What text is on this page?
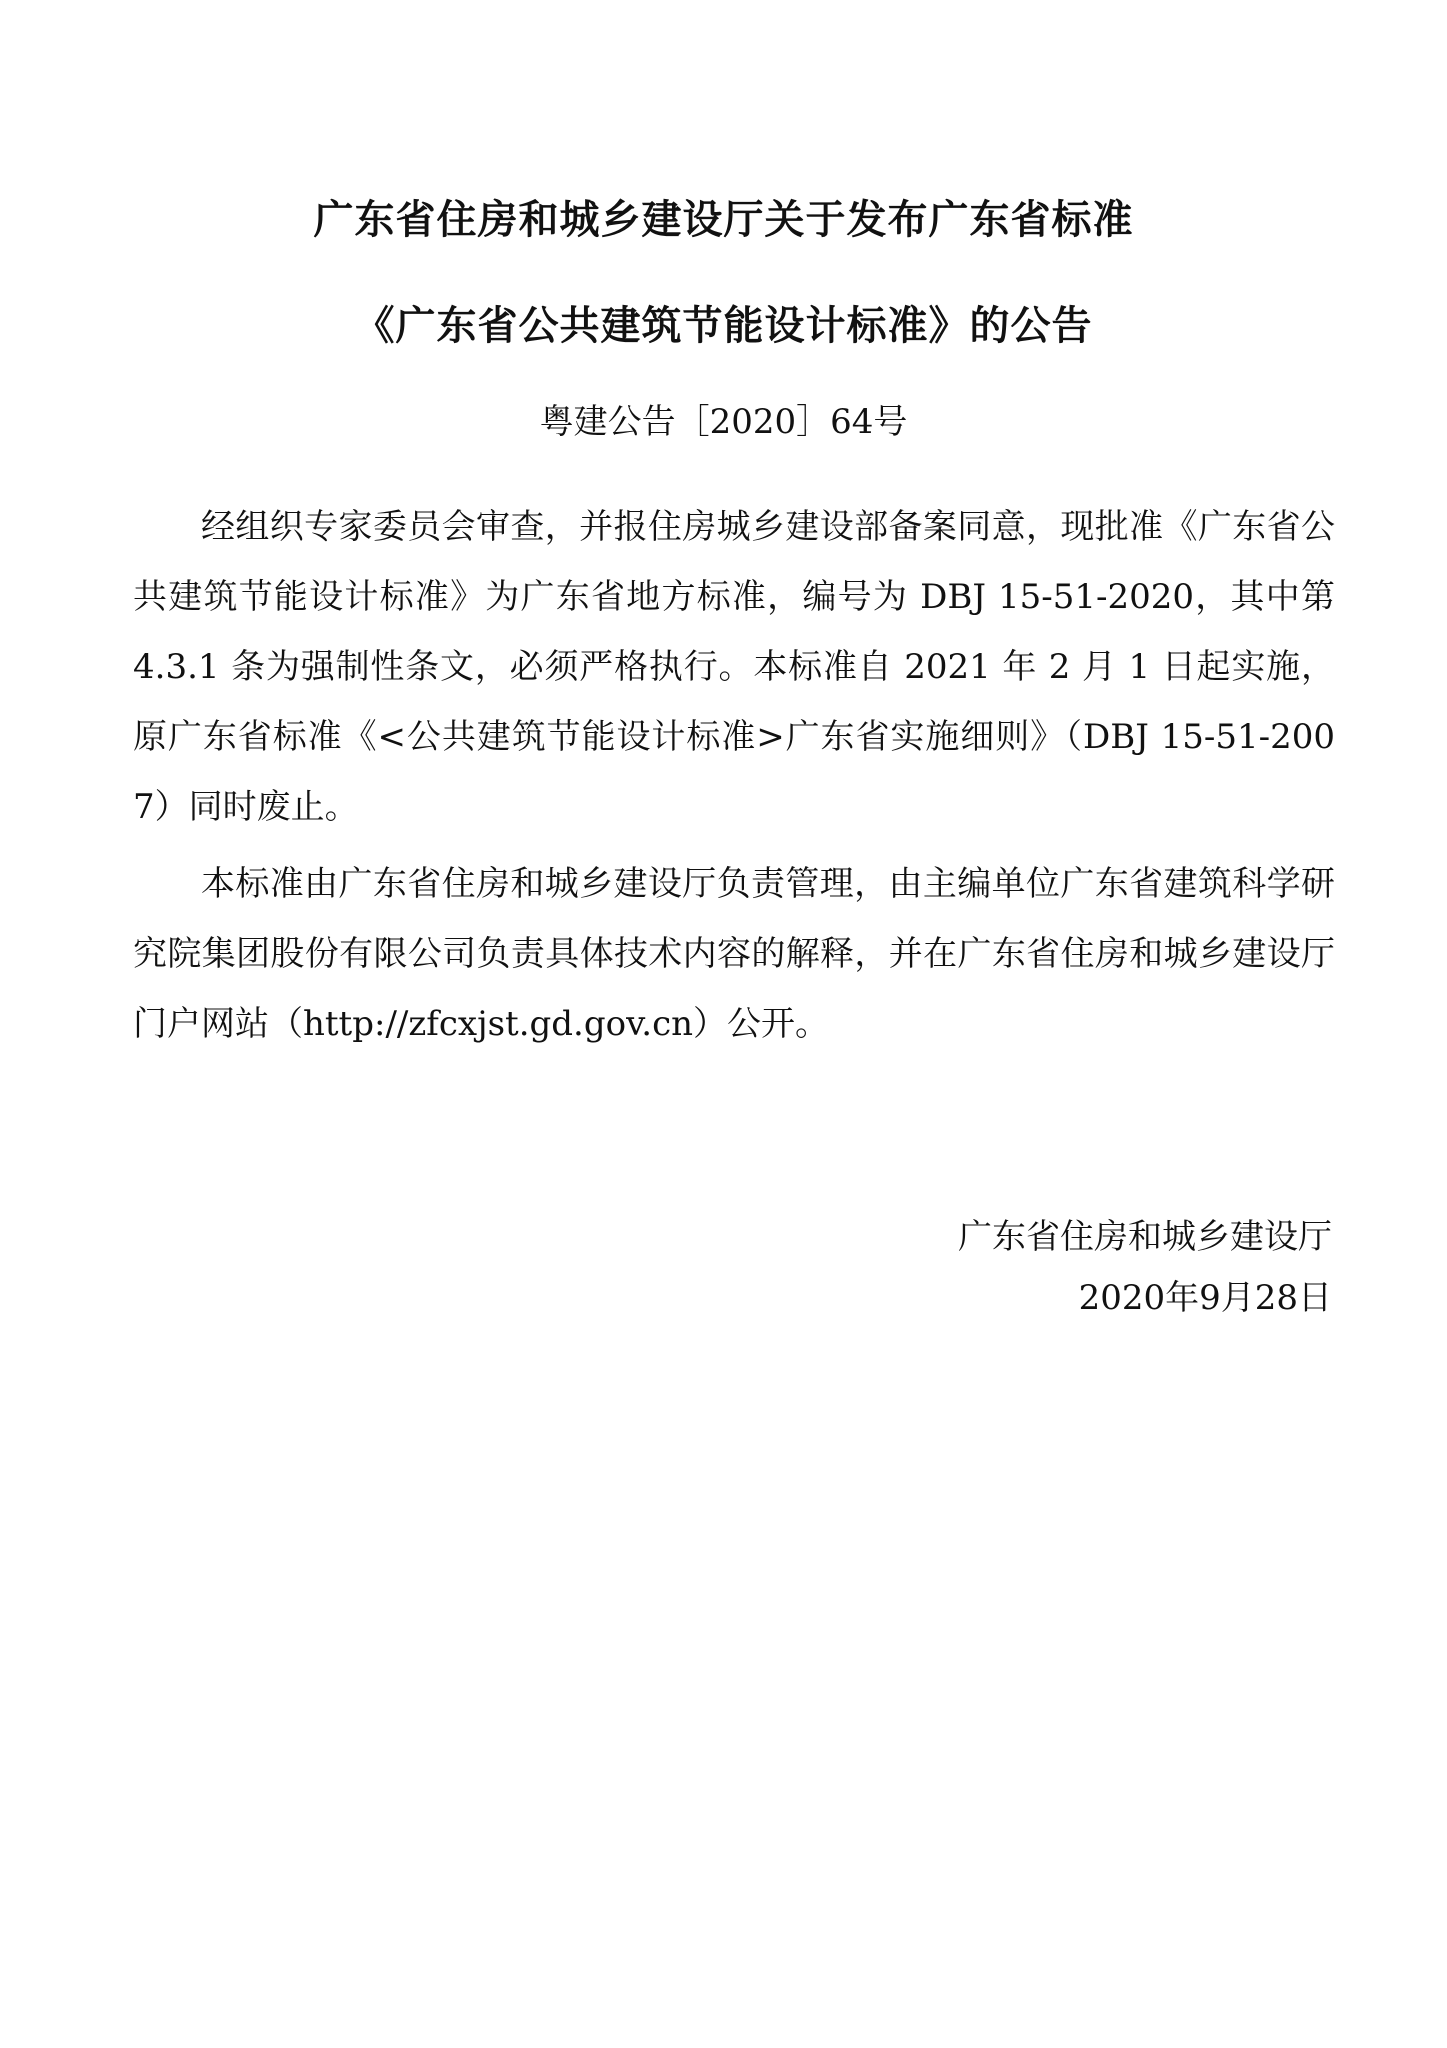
广东省住房和城乡建设厅关于发布广东省标准
《广东省公共建筑节能设计标准》的公告
粤建公告［2020］64号

经组织专家委员会审查，并报住房城乡建设部备案同意，现批准《广东省公共建筑节能设计标准》为广东省地方标准，编号为 DBJ 15-51-2020，其中第 4.3.1 条为强制性条文，必须严格执行。本标准自 2021 年 2 月 1 日起实施，原广东省标准《<公共建筑节能设计标准>广东省实施细则》（DBJ 15-51-2007）同时废止。

本标准由广东省住房和城乡建设厅负责管理，由主编单位广东省建筑科学研究院集团股份有限公司负责具体技术内容的解释，并在广东省住房和城乡建设厅门户网站（http://zfcxjst.gd.gov.cn）公开。

广东省住房和城乡建设厅
2020年9月28日
